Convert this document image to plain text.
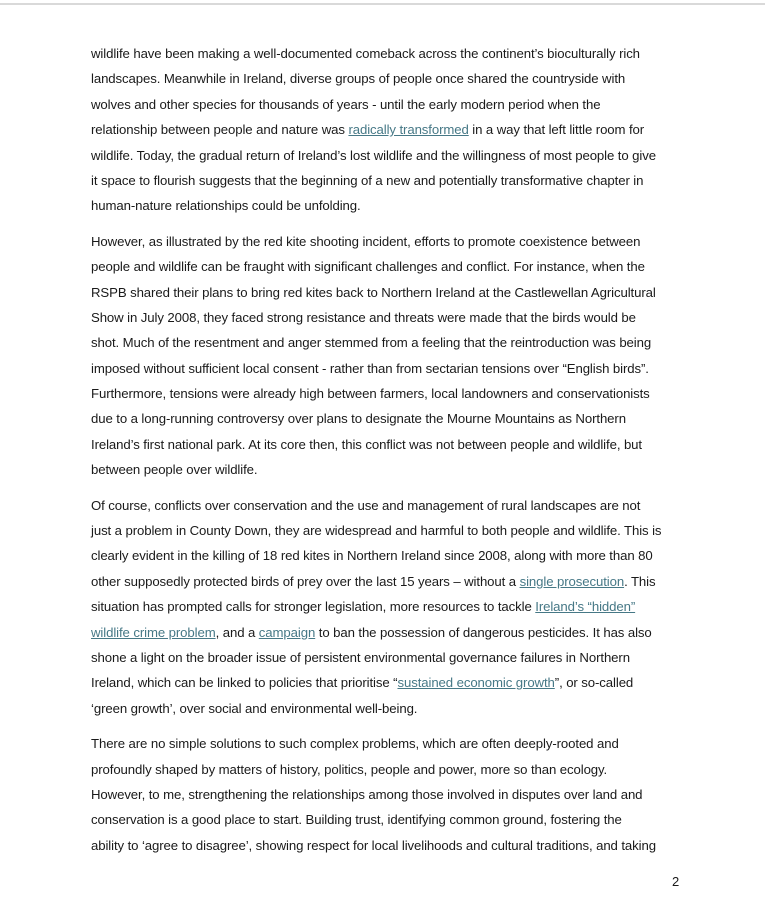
wildlife have been making a well-documented comeback across the continent’s bioculturally rich
landscapes. Meanwhile in Ireland, diverse groups of people once shared the countryside with
wolves and other species for thousands of years - until the early modern period when the
relationship between people and nature was radically transformed in a way that left little room for
wildlife. Today, the gradual return of Ireland’s lost wildlife and the willingness of most people to give
it space to flourish suggests that the beginning of a new and potentially transformative chapter in
human-nature relationships could be unfolding.

However, as illustrated by the red kite shooting incident, efforts to promote coexistence between
people and wildlife can be fraught with significant challenges and conflict. For instance, when the
RSPB shared their plans to bring red kites back to Northern Ireland at the Castlewellan Agricultural
Show in July 2008, they faced strong resistance and threats were made that the birds would be
shot. Much of the resentment and anger stemmed from a feeling that the reintroduction was being
imposed without sufficient local consent - rather than from sectarian tensions over “English birds”.
Furthermore, tensions were already high between farmers, local landowners and conservationists
due to a long-running controversy over plans to designate the Mourne Mountains as Northern
Ireland’s first national park. At its core then, this conflict was not between people and wildlife, but
between people over wildlife.

Of course, conflicts over conservation and the use and management of rural landscapes are not
just a problem in County Down, they are widespread and harmful to both people and wildlife. This is
clearly evident in the killing of 18 red kites in Northern Ireland since 2008, along with more than 80
other supposedly protected birds of prey over the last 15 years – without a single prosecution. This
situation has prompted calls for stronger legislation, more resources to tackle Ireland’s “hidden”
wildlife crime problem, and a campaign to ban the possession of dangerous pesticides. It has also
shone a light on the broader issue of persistent environmental governance failures in Northern
Ireland, which can be linked to policies that prioritise “sustained economic growth”, or so-called
‘green growth’, over social and environmental well-being.

There are no simple solutions to such complex problems, which are often deeply-rooted and
profoundly shaped by matters of history, politics, people and power, more so than ecology.
However, to me, strengthening the relationships among those involved in disputes over land and
conservation is a good place to start. Building trust, identifying common ground, fostering the
ability to ‘agree to disagree’, showing respect for local livelihoods and cultural traditions, and taking

2
